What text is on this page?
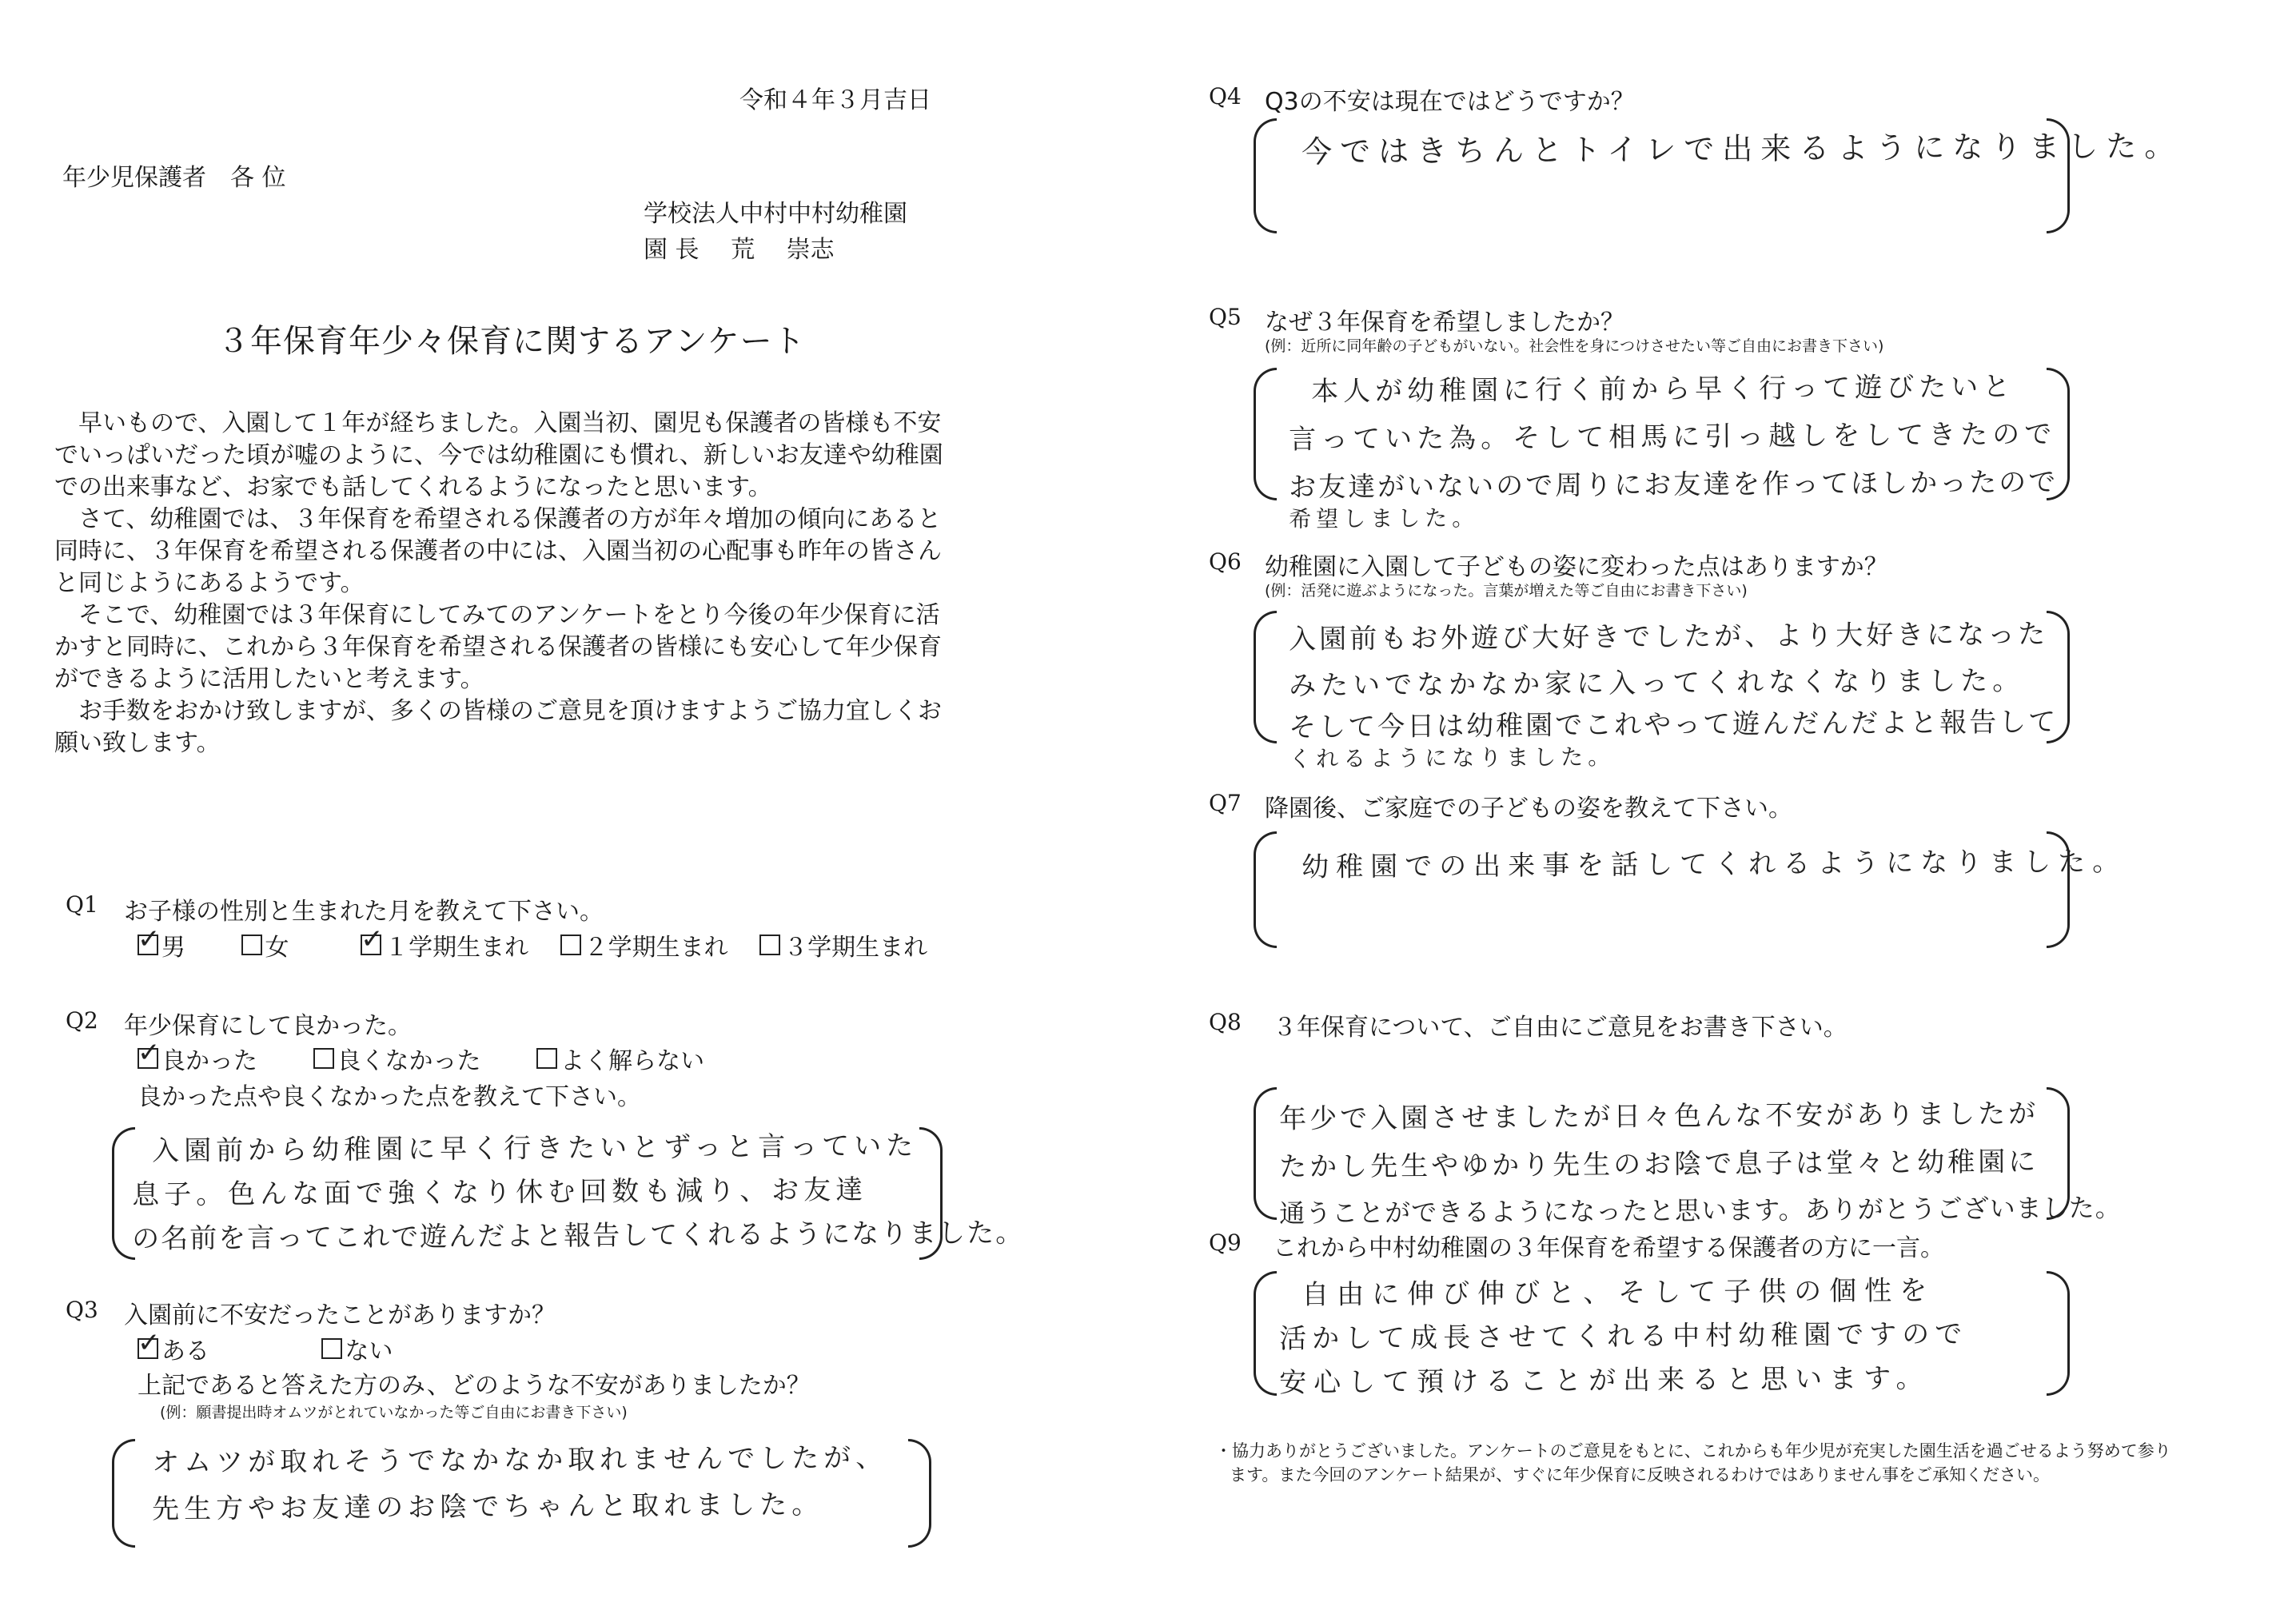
令和４年３月吉日
年少児保護者　各 位
学校法人中村中村幼稚園
園 長　 荒　 崇志
３年保育年少々保育に関するアンケート

早いもので、入園して１年が経ちました。入園当初、園児も保護者の皆様も不安でいっぱいだった頃が嘘のように、今では幼稚園にも慣れ、新しいお友達や幼稚園での出来事など、お家でも話してくれるようになったと思います。

さて、幼稚園では、３年保育を希望される保護者の方が年々増加の傾向にあると同時に、３年保育を希望される保護者の中には、入園当初の心配事も昨年の皆さんと同じようにあるようです。

そこで、幼稚園では３年保育にしてみてのアンケートをとり今後の年少保育に活かすと同時に、これから３年保育を希望される保護者の皆様にも安心して年少保育ができるように活用したいと考えます。

お手数をおかけ致しますが、多くの皆様のご意見を頂けますようご協力宜しくお願い致します。

Q1 お子様の性別と生まれた月を教えて下さい。
✓
男
	女

✓	１学期生まれ
２学期生まれ
３学期生まれ
Q2 年少保育にして良かった。
✓
良かった
	良くなかった
	よく解らない
良かった点や良くなかった点を教えて下さい。
入園前から幼稚園に早く行きたいとずっと言っていた
息子。色んな面で強くなり休む回数も減り、お友達
の名前を言ってこれで遊んだよと報告してくれるようになりました。
Q3 入園前に不安だったことがありますか？
✓
ある
	ない
上記であると答えた方のみ、どのような不安がありましたか？
(例：願書提出時オムツがとれていなかった等ご自由にお書き下さい)
オムツが取れそうでなかなか取れませんでしたが、
先生方やお友達のお陰でちゃんと取れました。
Q4 Q3の不安は現在ではどうですか？
今ではきちんとトイレで出来るようになりました。
Q5 なぜ３年保育を希望しましたか？
(例：近所に同年齢の子どもがいない。社会性を身につけさせたい等ご自由にお書き下さい)
本人が幼稚園に行く前から早く行って遊びたいと
言っていた為。そして相馬に引っ越しをしてきたので
お友達がいないので周りにお友達を作ってほしかったので
希望しました。
Q6 幼稚園に入園して子どもの姿に変わった点はありますか？
(例：活発に遊ぶようになった。言葉が増えた等ご自由にお書き下さい)
入園前もお外遊び大好きでしたが、より大好きになった
みたいでなかなか家に入ってくれなくなりました。
そして今日は幼稚園でこれやって遊んだんだよと報告して
くれるようになりました。
Q7 降園後、ご家庭での子どもの姿を教えて下さい。
幼稚園での出来事を話してくれるようになりました。
Q8 ３年保育について、ご自由にご意見をお書き下さい。
年少で入園させましたが日々色んな不安がありましたが
たかし先生やゆかり先生のお陰で息子は堂々と幼稚園に
通うことができるようになったと思います。ありがとうございました。
Q9 これから中村幼稚園の３年保育を希望する保護者の方に一言。
自由に伸び伸びと、そして子供の個性を
活かして成長させてくれる中村幼稚園ですので
安心して預けることが出来ると思います。
・協力ありがとうございました。アンケートのご意見をもとに、これからも年少児が充実した園生活を過ごせるよう努めて参り
ます。また今回のアンケート結果が、すぐに年少保育に反映されるわけではありません事をご承知ください。
